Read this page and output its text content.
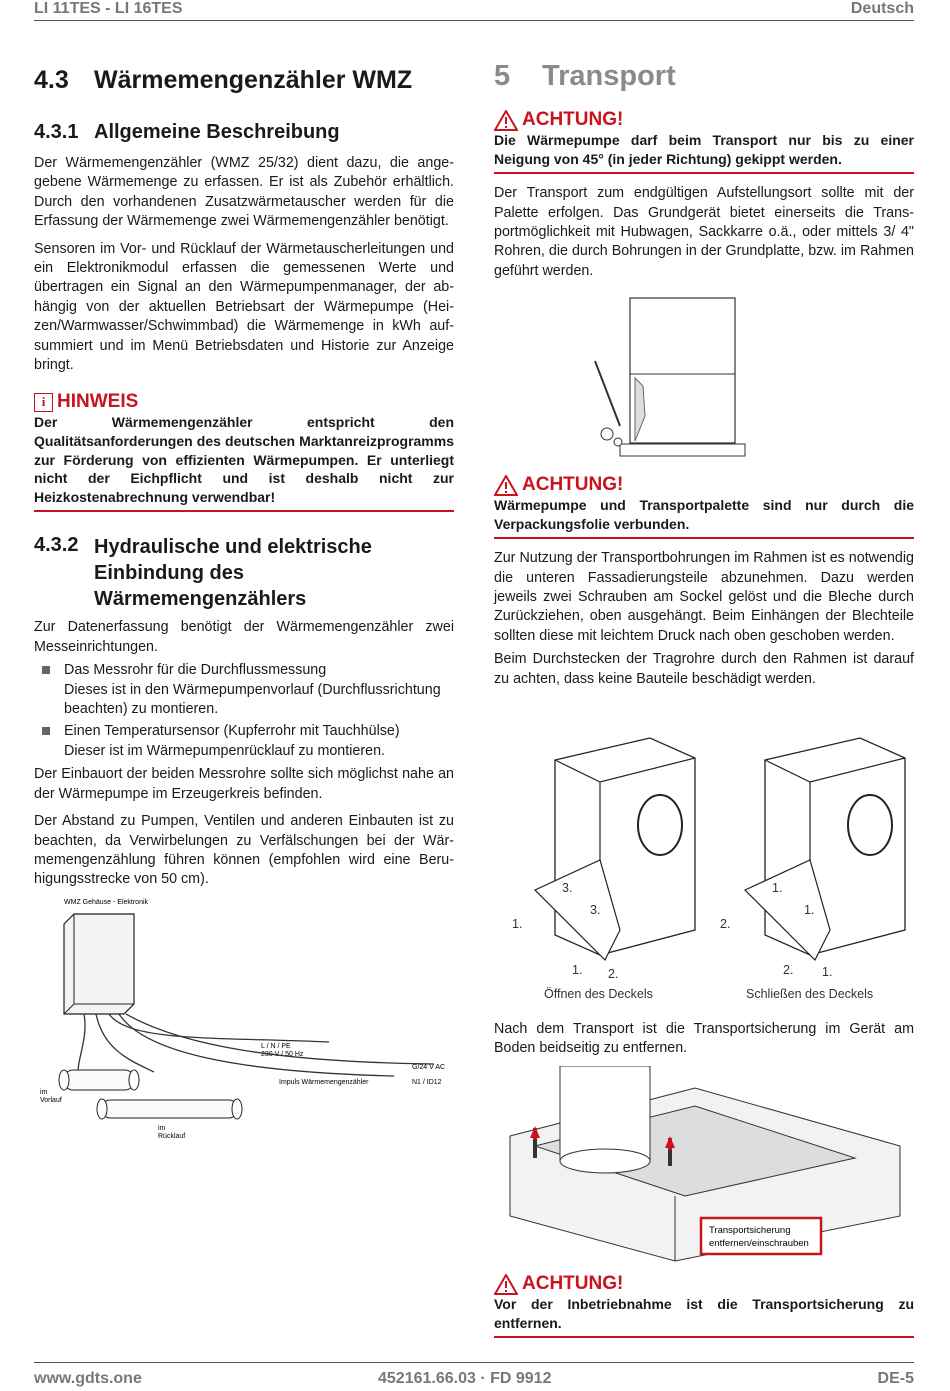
LI 11TES - LI 16TES	Deutsch
4.3 Wärmemengenzähler WMZ
4.3.1 Allgemeine Beschreibung

Der Wärmemengenzähler (WMZ 25/32) dient dazu, die angegebene Wärmemenge zu erfassen. Er ist als Zubehör erhältlich. Durch den vorhandenen Zusatzwärmetauscher werden für die Erfassung der Wärmemenge zwei Wärmemengenzähler benötigt.

Sensoren im Vor- und Rücklauf der Wärmetauscherleitungen und ein Elektronikmodul erfassen die gemessenen Werte und übertragen ein Signal an den Wärmepumpenmanager, der abhängig von der aktuellen Betriebsart der Wärmepumpe (Heizen/Warmwasser/Schwimmbad) die Wärmemenge in kWh aufsummiert und im Menü Betriebsdaten und Historie zur Anzeige bringt.

i HINWEIS
Der Wärmemengenzähler entspricht den Qualitätsanforderungen des deutschen Marktanreizprogramms zur Förderung von effizienten Wärmepumpen. Er unterliegt nicht der Eichpflicht und ist deshalb nicht zur Heizkostenabrechnung verwendbar!
4.3.2 Hydraulische und elektrische Einbindung des Wärmemengenzählers

Zur Datenerfassung benötigt der Wärmemengenzähler zwei Messeinrichtungen.

Das Messrohr für die Durchflussmessung
Dieses ist in den Wärmepumpenvorlauf (Durchflussrichtung beachten) zu montieren.
Einen Temperatursensor (Kupferrohr mit Tauchhülse)
Dieser ist im Wärmepumpenrücklauf zu montieren.

Der Einbauort der beiden Messrohre sollte sich möglichst nahe an der Wärmepumpe im Erzeugerkreis befinden.

Der Abstand zu Pumpen, Ventilen und anderen Einbauten ist zu beachten, da Verwirbelungen zu Verfälschungen bei der Wärmemengenzählung führen können (empfohlen wird eine Beruhigungsstrecke von 50 cm).

WMZ Gehäuse - Elektronik
L / N / PE
230 V / 50 Hz
G/24 V AC
Impuls Wärmemengenzähler	N1 / ID12
im
Vorlauf
im
Rücklauf
5 Transport
ACHTUNG!
Die Wärmepumpe darf beim Transport nur bis zu einer Neigung von 45° (in jeder Richtung) gekippt werden.

Der Transport zum endgültigen Aufstellungsort sollte mit der Palette erfolgen. Das Grundgerät bietet einerseits die Transportmöglichkeit mit Hubwagen, Sackkarre o.ä., oder mittels 3/ 4" Rohren, die durch Bohrungen in der Grundplatte, bzw. im Rahmen geführt werden.

ACHTUNG!
Wärmepumpe und Transportpalette sind nur durch die Verpackungsfolie verbunden.

Zur Nutzung der Transportbohrungen im Rahmen ist es notwendig die unteren Fassadierungsteile abzunehmen. Dazu werden jeweils zwei Schrauben am Sockel gelöst und die Bleche durch Zurückziehen, oben ausgehängt. Beim Einhängen der Blechteile sollten diese mit leichtem Druck nach oben geschoben werden.

Beim Durchstecken der Tragrohre durch den Rahmen ist darauf zu achten, dass keine Bauteile beschädigt werden.

3.
3.
1.
1. 2.
Öffnen des Deckels
1.
1.
2.
2. 1.
Schließen des Deckels

Nach dem Transport ist die Transportsicherung im Gerät am Boden beidseitig zu entfernen.

Transportsicherung
entfernen/einschrauben
ACHTUNG!
Vor der Inbetriebnahme ist die Transportsicherung zu entfernen.
www.gdts.one	452161.66.03 · FD 9912	DE-5
